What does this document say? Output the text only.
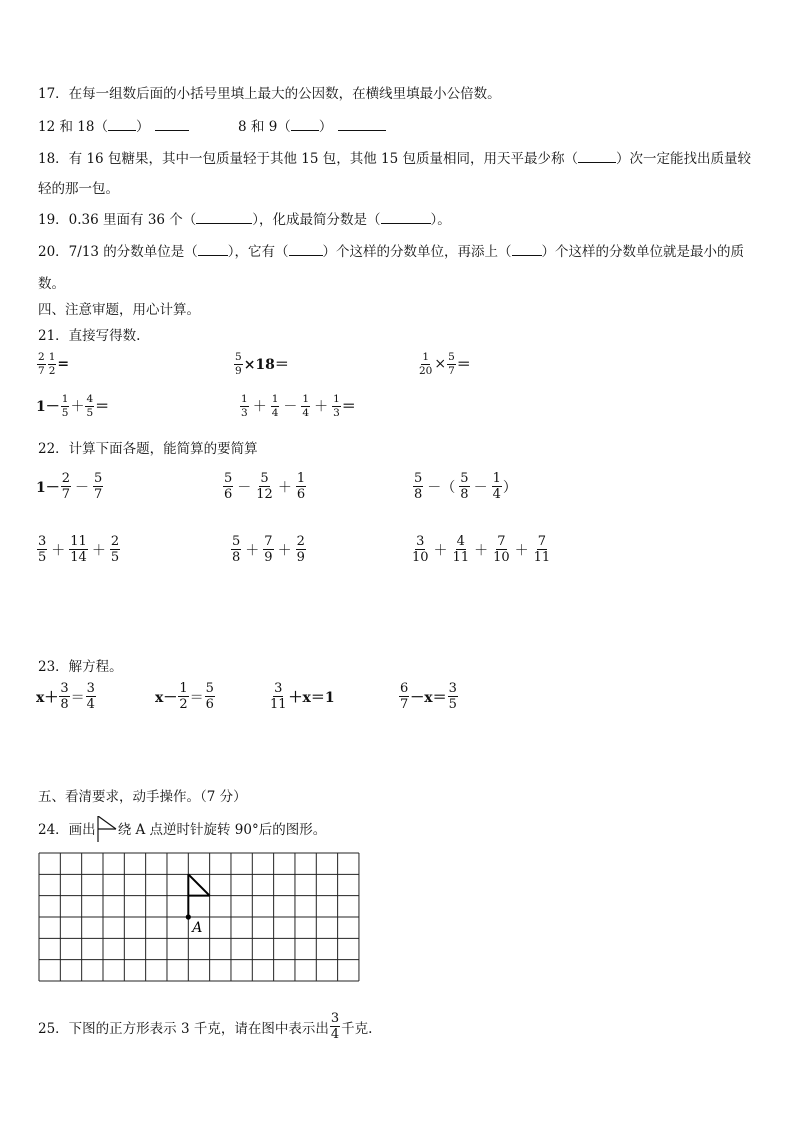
17．在每一组数后面的小括号里填上最大的公因数，在横线里填最小公倍数。
12 和 18（ ）	8 和 9（ ）
18．有 16 包糖果，其中一包质量轻于其他 15 包，其他 15 包质量相同，用天平最少称（	）次一定能找出质量较
轻的那一包。
19．0.36 里面有 36 个（	），化成最简分数是（	）。
20．7/13 的分数单位是（ ），它有（	）个这样的分数单位，再添上（ ）个这样的分数单位就是最小的质
数。
四、注意审题，用心计算。
21．直接写得数.
$\frac{2}{7} \frac{1}{2}$ =	$\frac{5}{9} \times 18=$	$\frac{1}{20} \times \frac{5}{7}$ ＝
$1- \frac{1}{5} + \frac{4}{5}$ ＝	$\frac{1}{3} + \frac{1}{4} - \frac{1}{4} + \frac{1}{3}$ ＝
22．计算下面各题，能简算的要简算
$1- \frac{2}{7} - \frac{5}{7}$	$\frac{5}{6} - \frac{5}{12} + \frac{1}{6}$	$\frac{5}{8}$ －（ $\frac{5}{8} - \frac{1}{4}$ ）
$\frac{3}{5} + \frac{11}{14} + \frac{2}{5}$	$\frac{5}{8} + \frac{7}{9} + \frac{2}{9}$	$\frac{3}{10} + \frac{4}{11} + \frac{7}{10} + \frac{7}{11}$
23．解方程。
$x+ \frac{3}{8} = \frac{3}{4}$	$x- \frac{1}{2} = \frac{5}{6}$	$\frac{3}{11} +x=1$	$\frac{6}{7} -x= \frac{3}{5}$
五、看清要求，动手操作。（7 分）
24．画出 绕 A 点逆时针旋转 90°后的图形。
A
25．下图的正方形表示 3 千克，请在图中表示出 $\frac{3}{4}$ 千克.
